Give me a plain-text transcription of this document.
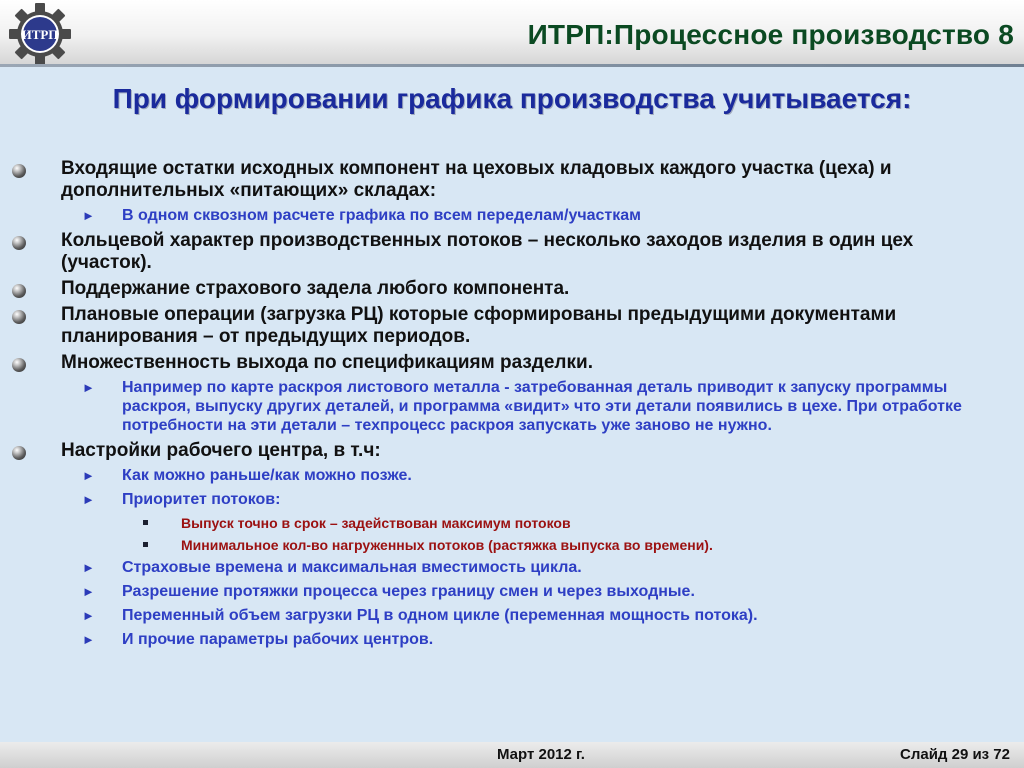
ИТРП	ИТРП:Процессное производство 8
При формировании графика производства учитывается:
Входящие остатки исходных компонент на цеховых кладовых каждого участка (цеха) и дополнительных «питающих» складах:
► В одном сквозном расчете графика по всем переделам/участкам
Кольцевой характер производственных потоков – несколько заходов изделия в один цех (участок).
Поддержание страхового задела любого компонента.
Плановые операции (загрузка РЦ) которые сформированы предыдущими документами планирования – от предыдущих периодов.
Множественность выхода по спецификациям разделки.
► Например по карте раскроя листового металла - затребованная деталь приводит к запуску программы раскроя, выпуску других деталей, и программа «видит» что эти детали появились в цехе. При отработке потребности на эти детали – техпроцесс раскроя запускать уже заново не нужно.
Настройки рабочего центра, в т.ч:
► Как можно раньше/как можно позже.
► Приоритет потоков:
Выпуск точно в срок – задействован максимум потоков
Минимальное кол-во нагруженных потоков (растяжка выпуска во времени).
► Страховые времена и максимальная вместимость цикла.
► Разрешение протяжки процесса через границу смен и через выходные.
► Переменный объем загрузки РЦ в одном цикле (переменная мощность потока).
► И прочие параметры рабочих центров.
Март 2012 г.	Слайд 29 из 72
